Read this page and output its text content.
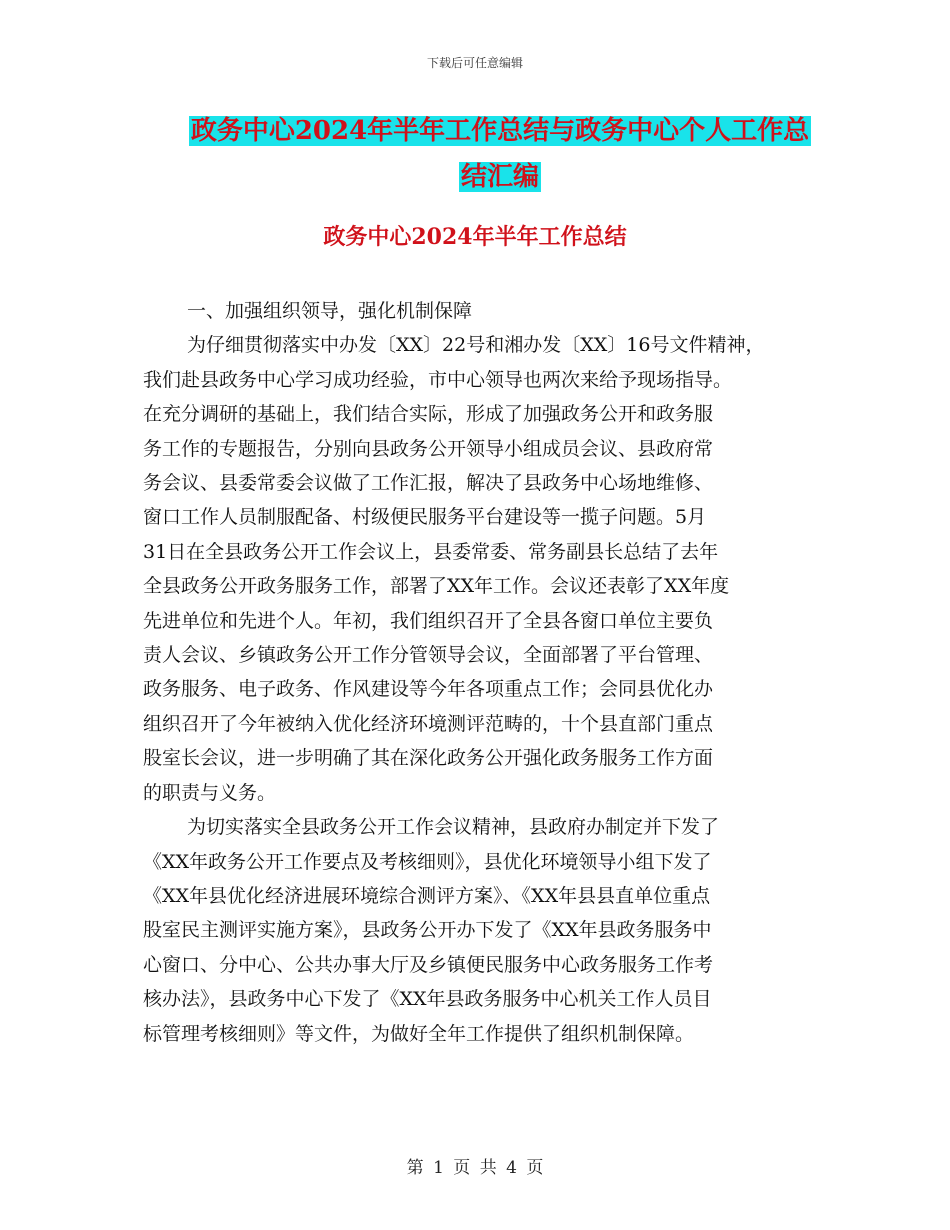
下载后可任意编辑
政务中心2024年半年工作总结与政务中心个人工作总
结汇编
政务中心2024年半年工作总结

一、加强组织领导，强化机制保障

为仔细贯彻落实中办发〔XX〕22号和湘办发〔XX〕16号文件精神，
我们赴县政务中心学习成功经验，市中心领导也两次来给予现场指导。
在充分调研的基础上，我们结合实际，形成了加强政务公开和政务服
务工作的专题报告，分别向县政务公开领导小组成员会议、县政府常
务会议、县委常委会议做了工作汇报，解决了县政务中心场地维修、
窗口工作人员制服配备、村级便民服务平台建设等一揽子问题。5月
31日在全县政务公开工作会议上，县委常委、常务副县长总结了去年
全县政务公开政务服务工作，部署了XX年工作。会议还表彰了XX年度
先进单位和先进个人。年初，我们组织召开了全县各窗口单位主要负
责人会议、乡镇政务公开工作分管领导会议，全面部署了平台管理、
政务服务、电子政务、作风建设等今年各项重点工作；会同县优化办
组织召开了今年被纳入优化经济环境测评范畴的，十个县直部门重点
股室长会议，进一步明确了其在深化政务公开强化政务服务工作方面
的职责与义务。

为切实落实全县政务公开工作会议精神，县政府办制定并下发了
《XX年政务公开工作要点及考核细则》，县优化环境领导小组下发了
《XX年县优化经济进展环境综合测评方案》、《XX年县县直单位重点
股室民主测评实施方案》，县政务公开办下发了《XX年县政务服务中
心窗口、分中心、公共办事大厅及乡镇便民服务中心政务服务工作考
核办法》，县政务中心下发了《XX年县政务服务中心机关工作人员目
标管理考核细则》等文件，为做好全年工作提供了组织机制保障。

第 1 页 共 4 页
